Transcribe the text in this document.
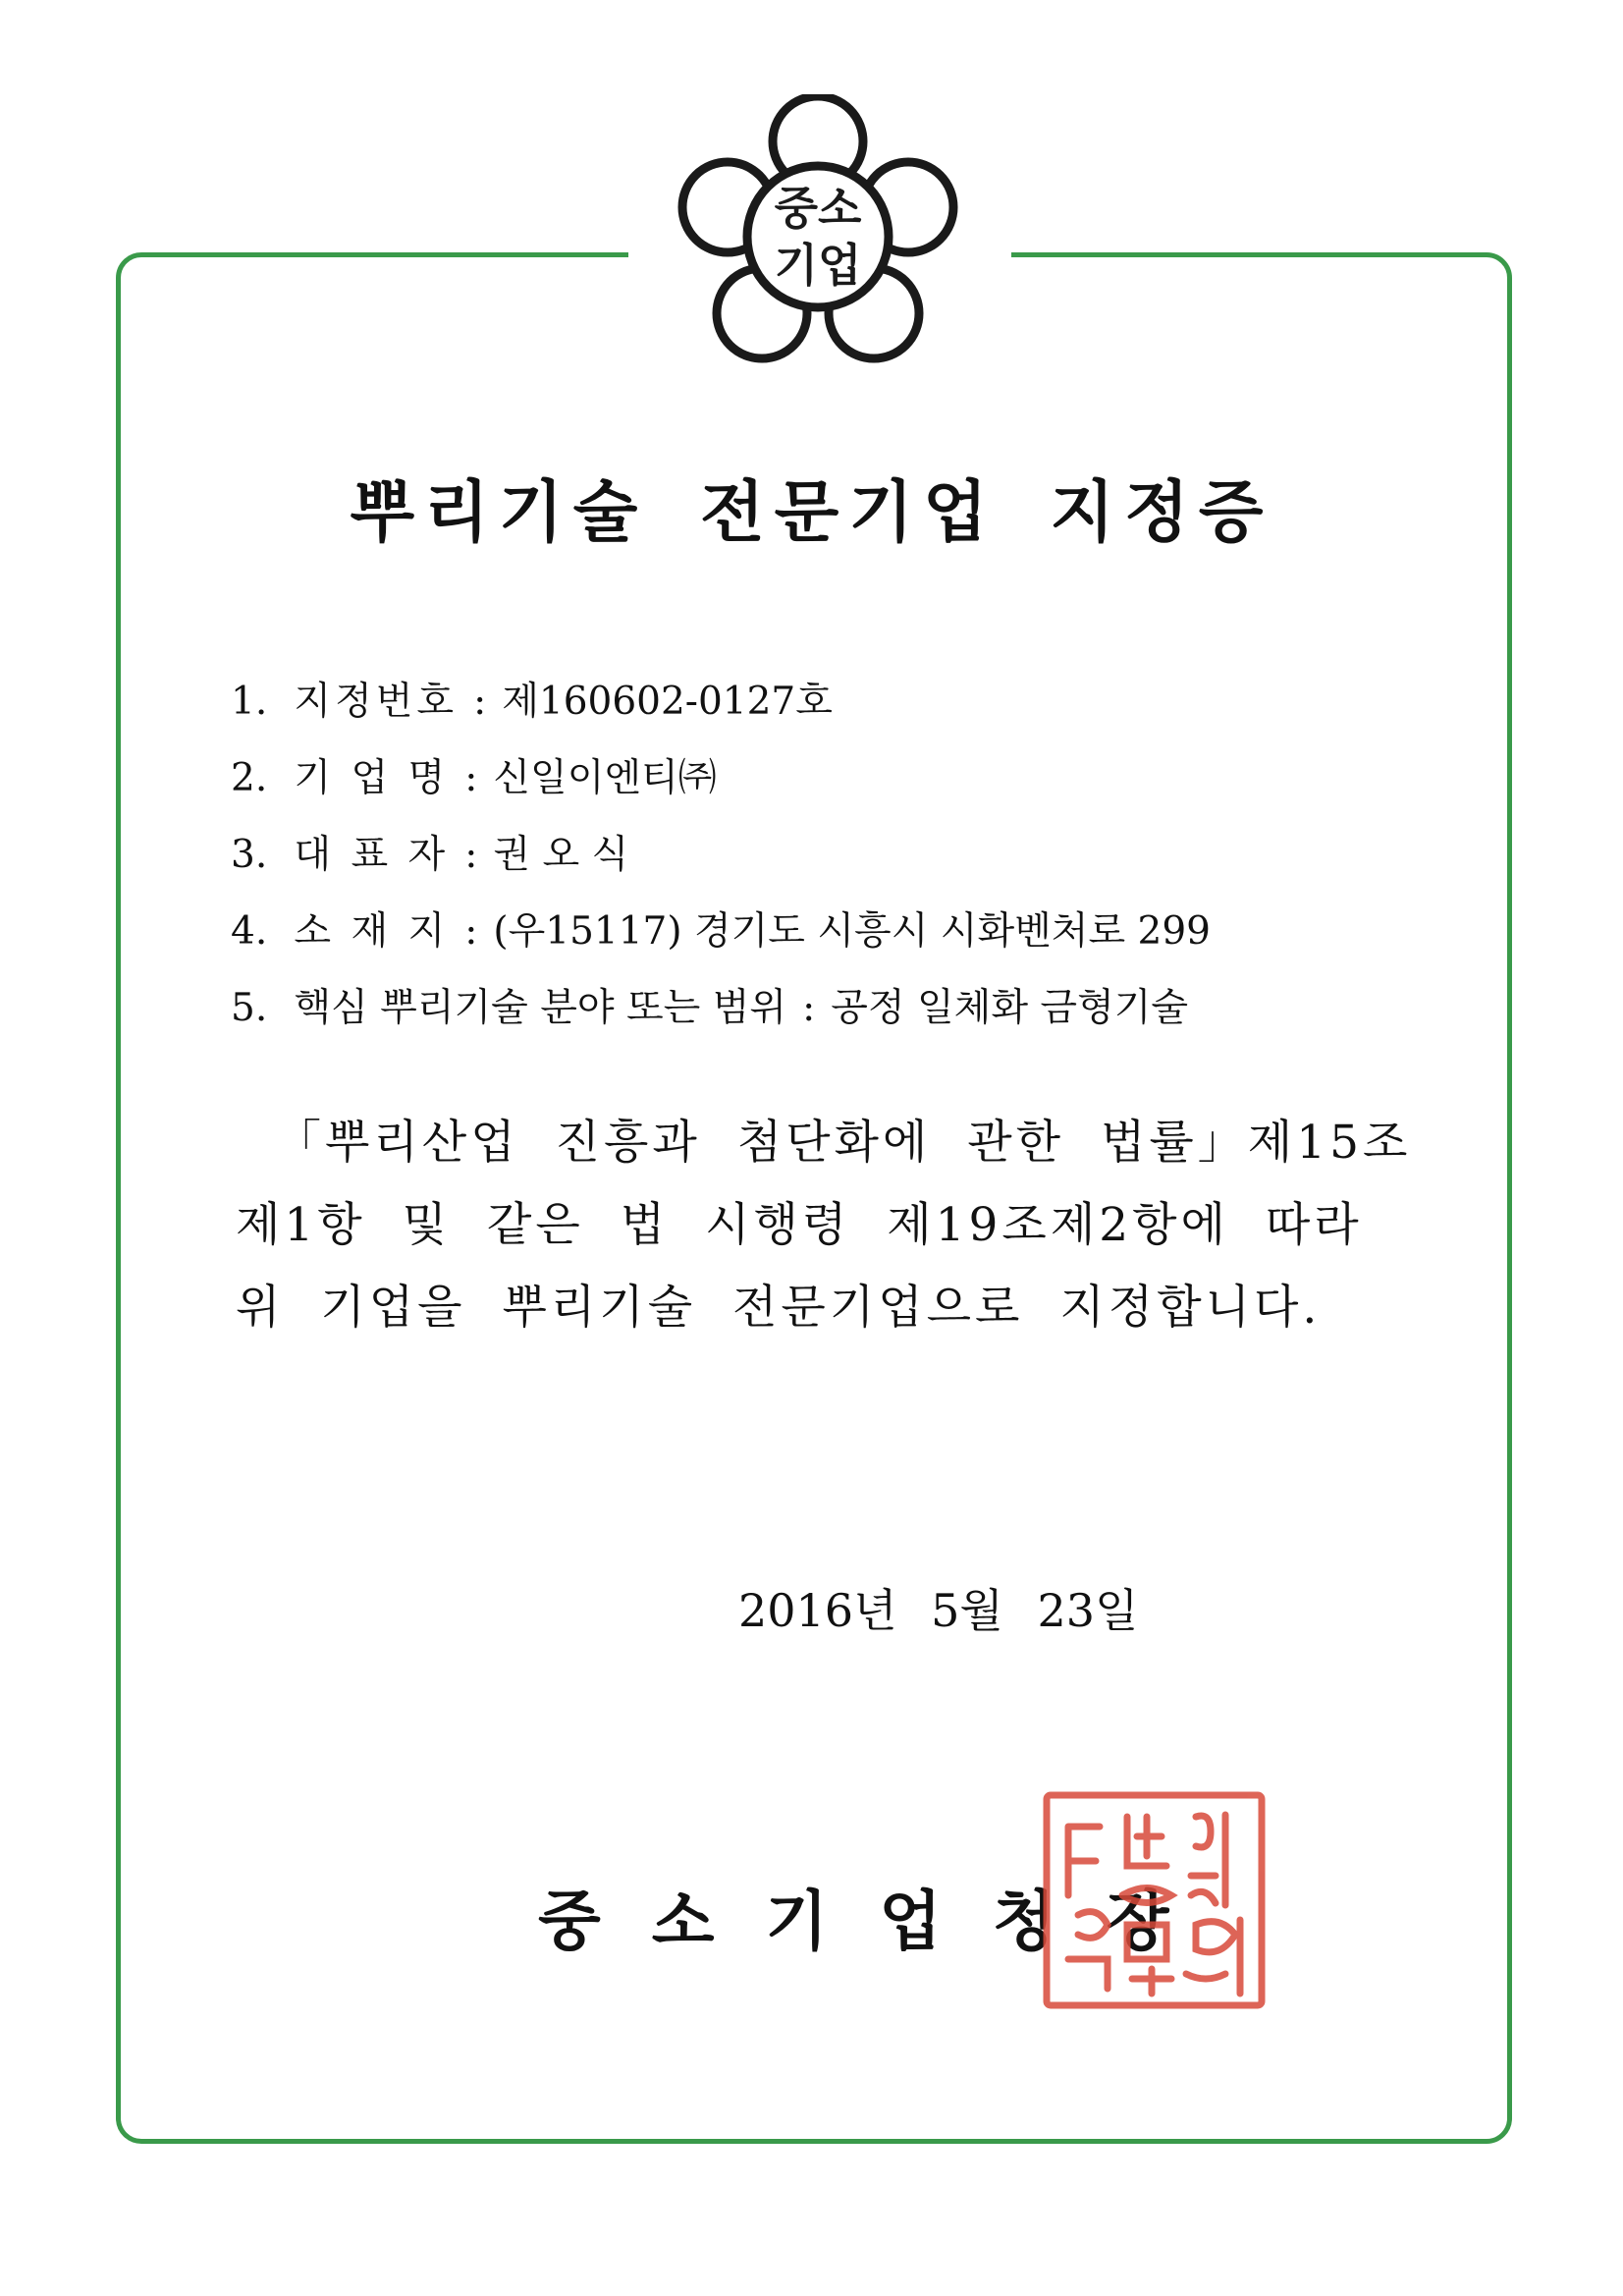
중소
기업
뿌리기술 전문기업 지정증
1. 지정번호 : 제160602-0127호
2. 기 업 명 : 신일이엔티㈜
3. 대 표 자 : 권 오 식
4. 소 재 지 : (우15117) 경기도 시흥시 시화벤처로 299
5. 핵심 뿌리기술 분야 또는 범위 : 공정 일체화 금형기술
「뿌리산업 진흥과 첨단화에 관한 법률」제15조
제1항 및 같은 법 시행령 제19조제2항에 따라
위 기업을 뿌리기술 전문기업으로 지정합니다.
2016년 5월 23일
중소기업청장
